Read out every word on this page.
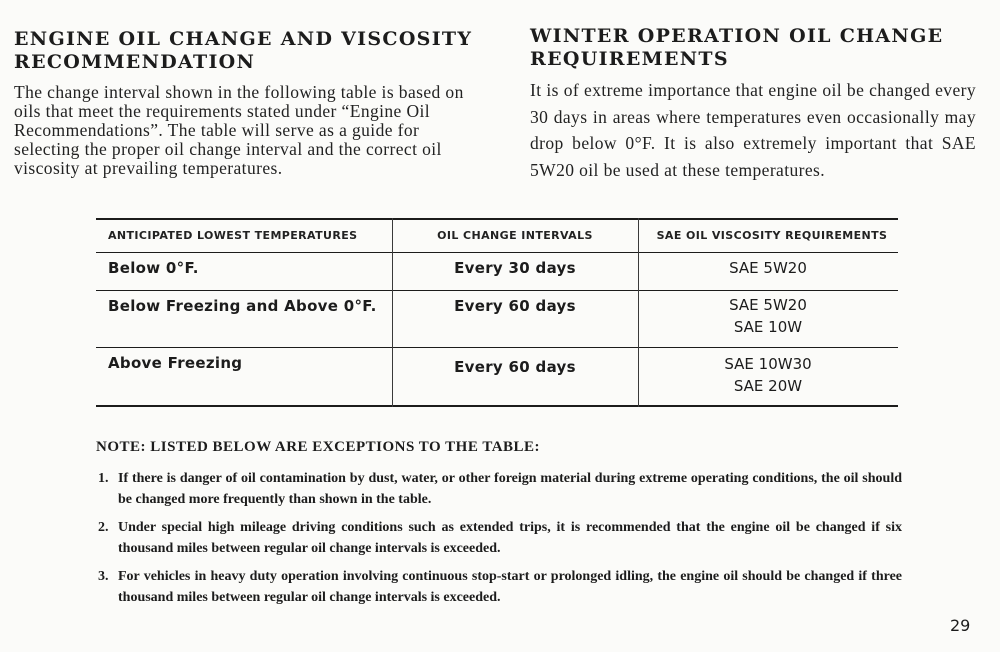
ENGINE OIL CHANGE AND VISCOSITY RECOMMENDATION

The change interval shown in the following table is based on oils that meet the requirements stated under “Engine Oil Recommendations”. The table will serve as a guide for selecting the proper oil change interval and the correct oil viscosity at prevailing temperatures.

WINTER OPERATION OIL CHANGE REQUIREMENTS

It is of extreme importance that engine oil be changed every 30 days in areas where temperatures even occasionally may drop below 0°F. It is also extremely important that SAE 5W20 oil be used at these temperatures.

ANTICIPATED LOWEST TEMPERATURES	OIL CHANGE INTERVALS	SAE OIL VISCOSITY REQUIREMENTS
Below 0°F.	Every 30 days	SAE 5W20
Below Freezing and Above 0°F.	Every 60 days	SAE 5W20
SAE 10W
Above Freezing	Every 60 days	SAE 10W30
SAE 20W
NOTE: LISTED BELOW ARE EXCEPTIONS TO THE TABLE:
1. If there is danger of oil contamination by dust, water, or other foreign material during extreme operating conditions, the oil should be changed more frequently than shown in the table.
2. Under special high mileage driving conditions such as extended trips, it is recommended that the engine oil be changed if six thousand miles between regular oil change intervals is exceeded.
3. For vehicles in heavy duty operation involving continuous stop-start or prolonged idling, the engine oil should be changed if three thousand miles between regular oil change intervals is exceeded.
29
